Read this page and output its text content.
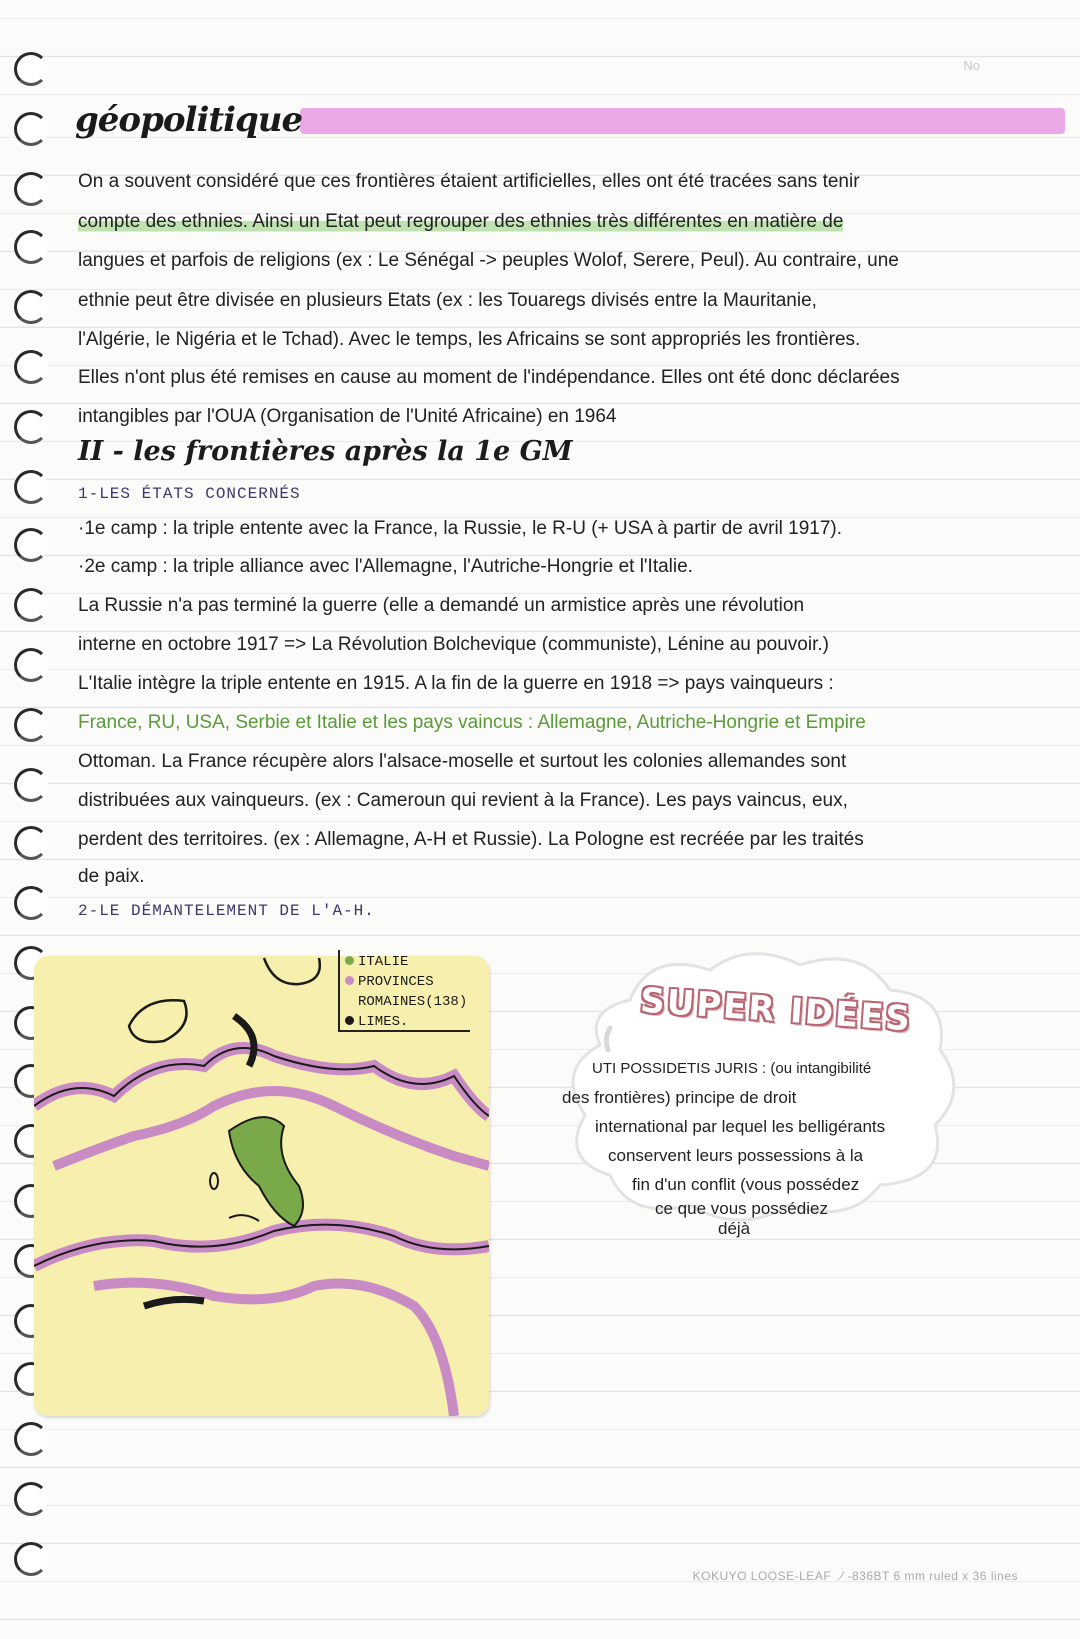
No
géopolitique
On a souvent considéré que ces frontières étaient artificielles, elles ont été tracées sans tenir
compte des ethnies. Ainsi un Etat peut regrouper des ethnies très différentes en matière de
langues et parfois de religions (ex : Le Sénégal -> peuples Wolof, Serere, Peul). Au contraire, une
ethnie peut être divisée en plusieurs Etats (ex : les Touaregs divisés entre la Mauritanie,
l'Algérie, le Nigéria et le Tchad). Avec le temps, les Africains se sont appropriés les frontières.
Elles n'ont plus été remises en cause au moment de l'indépendance. Elles ont été donc déclarées
intangibles par l'OUA (Organisation de l'Unité Africaine) en 1964
II - les frontières après la 1e GM
1-LES ÉTATS CONCERNÉS
·1e camp : la triple entente avec la France, la Russie, le R-U (+ USA à partir de avril 1917).
·2e camp : la triple alliance avec l'Allemagne, l'Autriche-Hongrie et l'Italie.
La Russie n'a pas terminé la guerre (elle a demandé un armistice après une révolution
interne en octobre 1917 => La Révolution Bolchevique (communiste), Lénine au pouvoir.)
L'Italie intègre la triple entente en 1915. A la fin de la guerre en 1918 => pays vainqueurs :
France, RU, USA, Serbie et Italie et les pays vaincus : Allemagne, Autriche-Hongrie et Empire
Ottoman. La France récupère alors l'alsace-moselle et surtout les colonies allemandes sont
distribuées aux vainqueurs. (ex : Cameroun qui revient à la France). Les pays vaincus, eux,
perdent des territoires. (ex : Allemagne, A-H et Russie). La Pologne est recréée par les traités
de paix.
2-LE DÉMANTELEMENT DE L'A-H.
ITALIE
PROVINCES
ROMAINES(138)
LIMES.	SUPER IDÉES
UTI POSSIDETIS JURIS : (ou intangibilité
des frontières) principe de droit
international par lequel les belligérants
conservent leurs possessions à la
fin d'un conflit (vous possédez
ce que vous possédiez
déjà
KOKUYO LOOSE-LEAF ノ-836BT 6 mm ruled x 36 lines
